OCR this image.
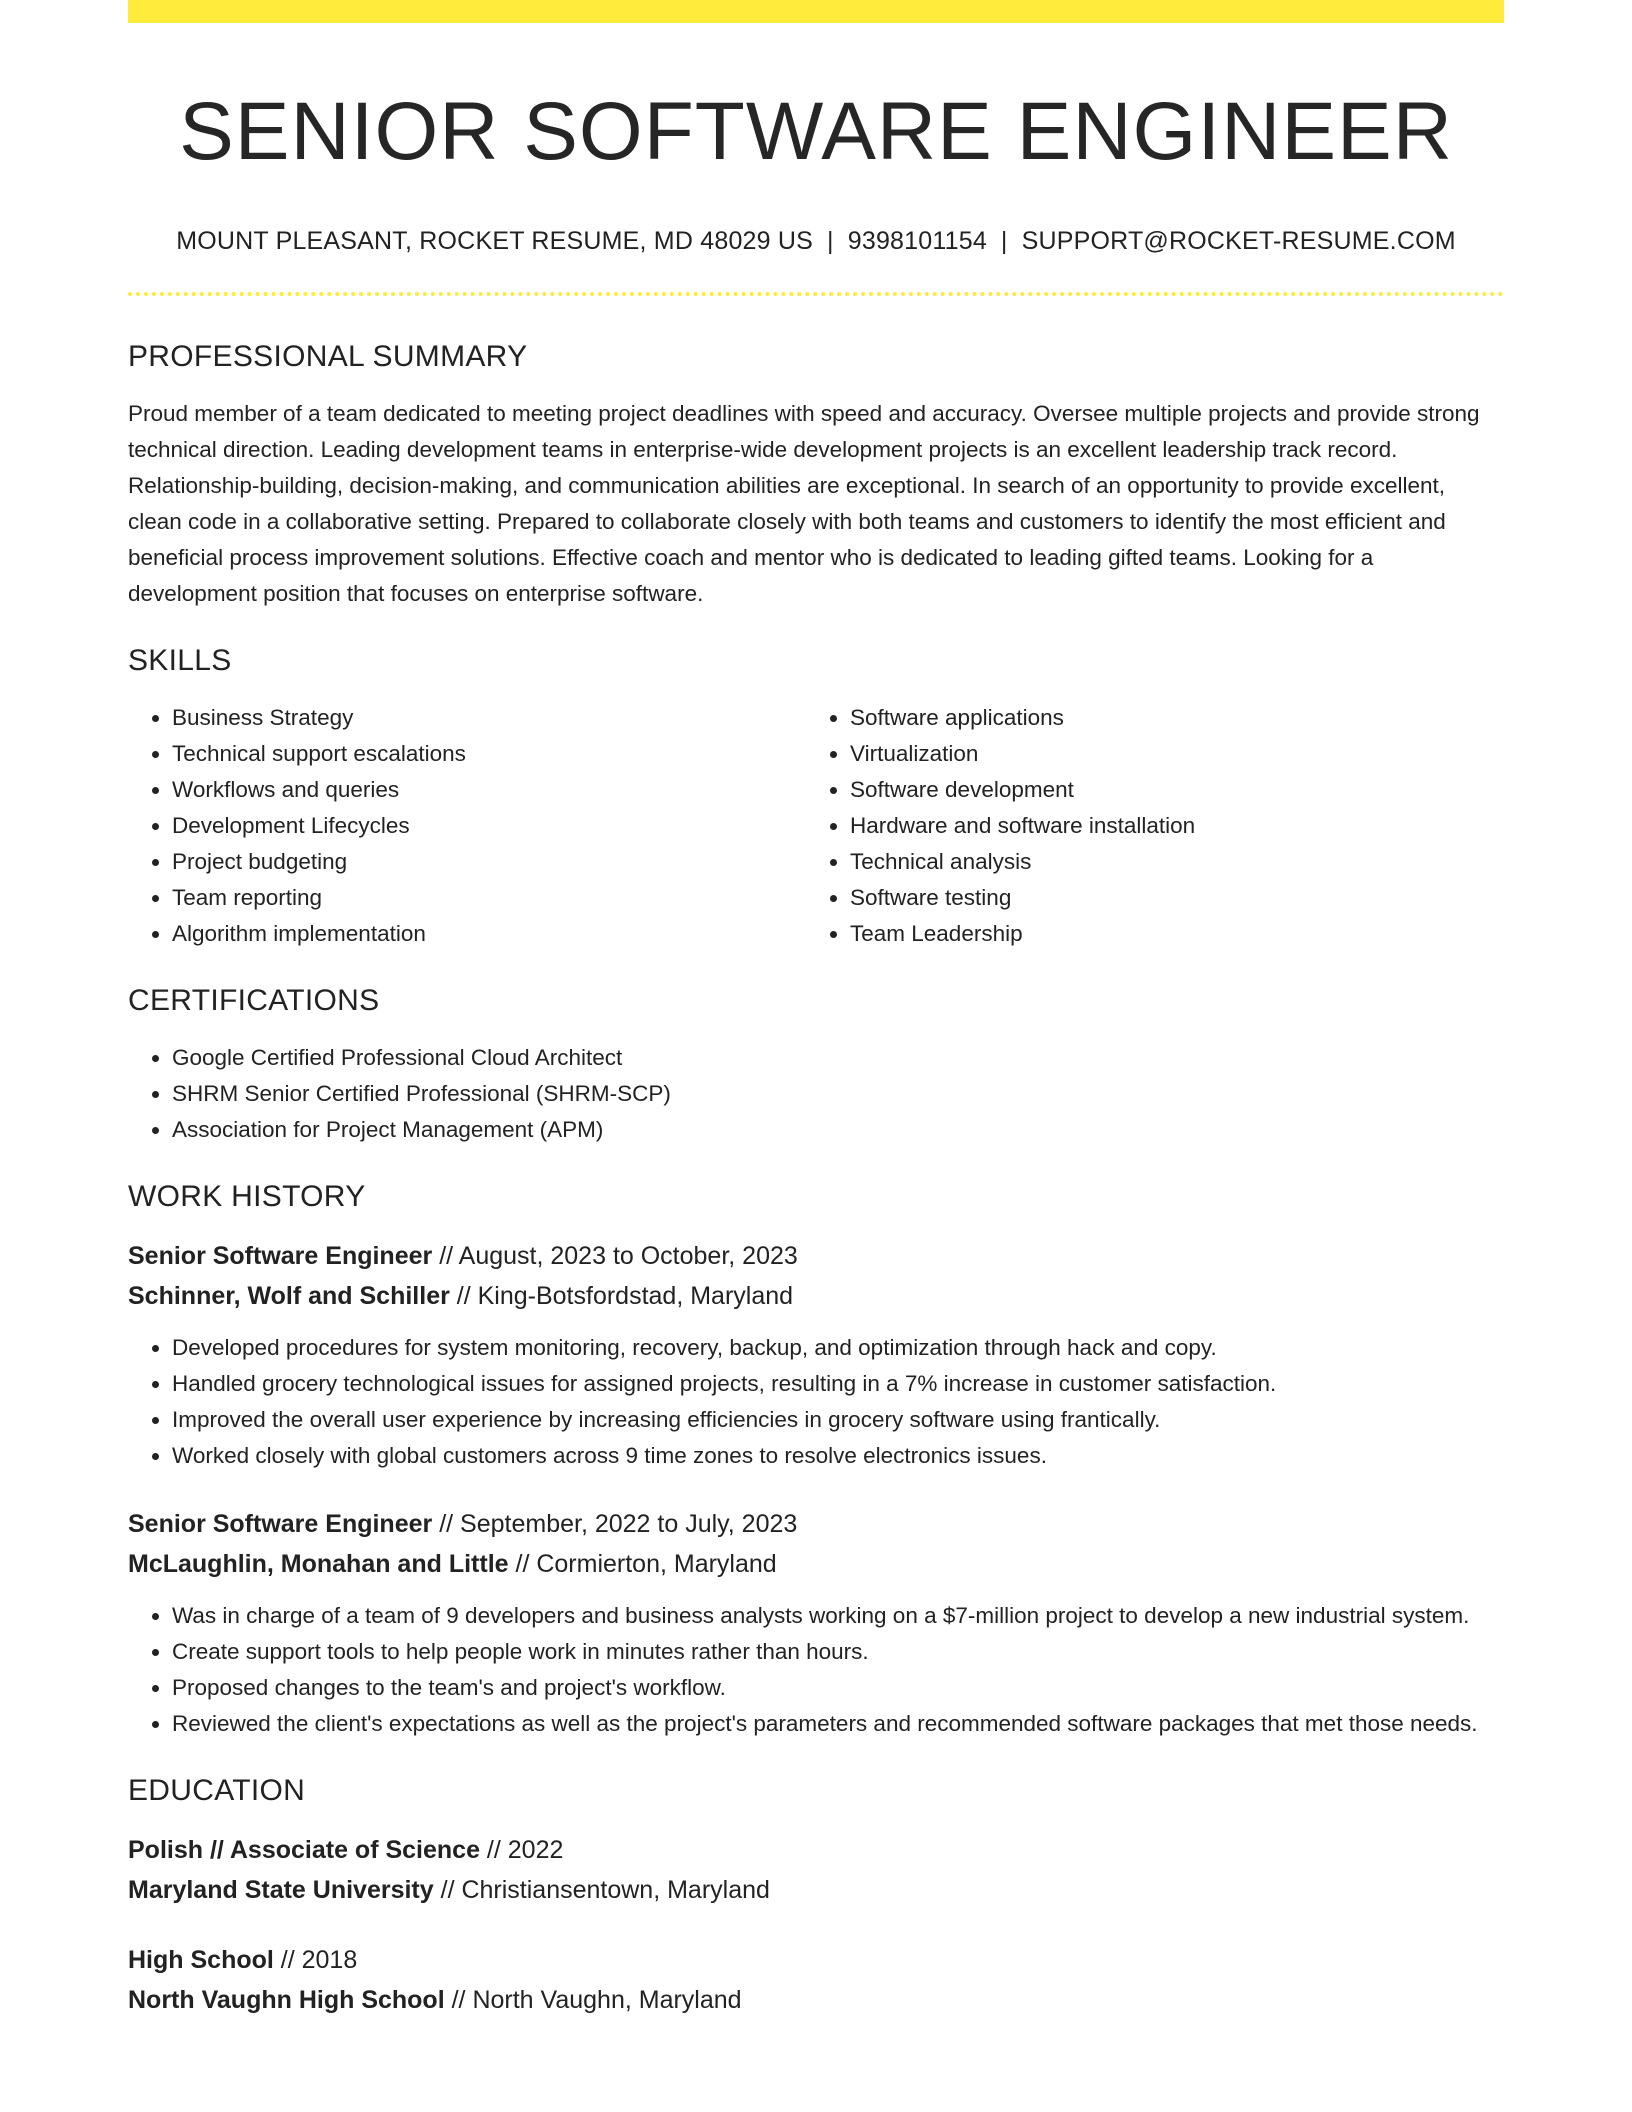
SENIOR SOFTWARE ENGINEER
MOUNT PLEASANT, ROCKET RESUME, MD 48029 US | 9398101154 | SUPPORT@ROCKET-RESUME.COM
PROFESSIONAL SUMMARY

Proud member of a team dedicated to meeting project deadlines with speed and accuracy. Oversee multiple projects and provide strong technical direction. Leading development teams in enterprise-wide development projects is an excellent leadership track record. Relationship-building, decision-making, and communication abilities are exceptional. In search of an opportunity to provide excellent, clean code in a collaborative setting. Prepared to collaborate closely with both teams and customers to identify the most efficient and beneficial process improvement solutions. Effective coach and mentor who is dedicated to leading gifted teams. Looking for a development position that focuses on enterprise software.

SKILLS
• Business Strategy
• Technical support escalations
• Workflows and queries
• Development Lifecycles
• Project budgeting
• Team reporting
• Algorithm implementation
• Software applications
• Virtualization
• Software development
• Hardware and software installation
• Technical analysis
• Software testing
• Team Leadership
CERTIFICATIONS
• Google Certified Professional Cloud Architect
• SHRM Senior Certified Professional (SHRM-SCP)
• Association for Project Management (APM)
WORK HISTORY
Senior Software Engineer // August, 2023 to October, 2023
Schinner, Wolf and Schiller // King-Botsfordstad, Maryland
• Developed procedures for system monitoring, recovery, backup, and optimization through hack and copy.
• Handled grocery technological issues for assigned projects, resulting in a 7% increase in customer satisfaction.
• Improved the overall user experience by increasing efficiencies in grocery software using frantically.
• Worked closely with global customers across 9 time zones to resolve electronics issues.
Senior Software Engineer // September, 2022 to July, 2023
McLaughlin, Monahan and Little // Cormierton, Maryland
• Was in charge of a team of 9 developers and business analysts working on a $7-million project to develop a new industrial system.
• Create support tools to help people work in minutes rather than hours.
• Proposed changes to the team's and project's workflow.
• Reviewed the client's expectations as well as the project's parameters and recommended software packages that met those needs.
EDUCATION
Polish // Associate of Science // 2022
Maryland State University // Christiansentown, Maryland
High School // 2018
North Vaughn High School // North Vaughn, Maryland
